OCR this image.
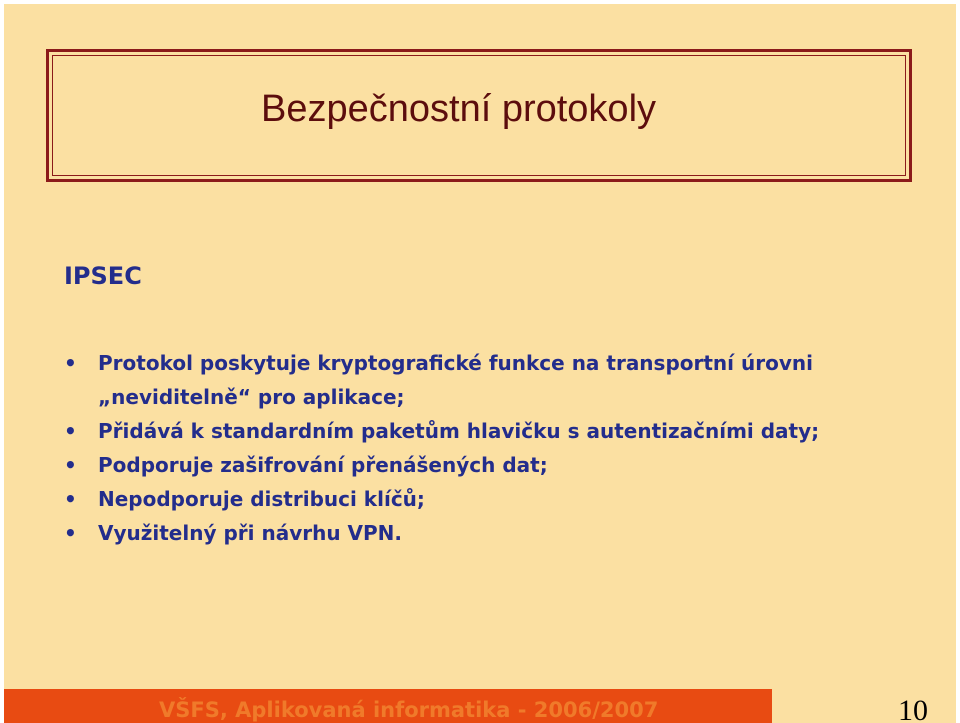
Bezpečnostní protokoly
IPSEC
• Protokol poskytuje kryptografické funkce na transportní úrovni „neviditelně“ pro aplikace;
• Přidává k standardním paketům hlavičku s autentizačními daty;
• Podporuje zašifrování přenášených dat;
• Nepodporuje distribuci klíčů;
• Využitelný při návrhu VPN.
VŠFS, Aplikovaná informatika - 2006/2007	10
